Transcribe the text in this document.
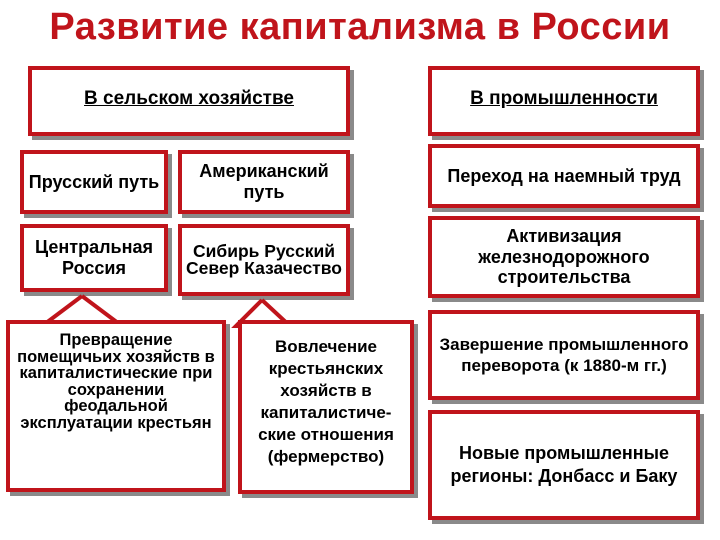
Развитие капитализма в России
В сельском хозяйстве	В промышленности
Прусский путь
Американский путь
Центральная Россия
Сибирь Русский Север Казачество
Превращение помещичьих хозяйств в капиталистические при сохранении феодальной эксплуатации крестьян
Вовлечение крестьянских хозяйств в капиталистиче-ские отношения (фермерство)
Переход на наемный труд
Активизация железнодорожного строительства
Завершение промышленного переворота (к 1880-м гг.)
Новые промышленные регионы: Донбасс и Баку
